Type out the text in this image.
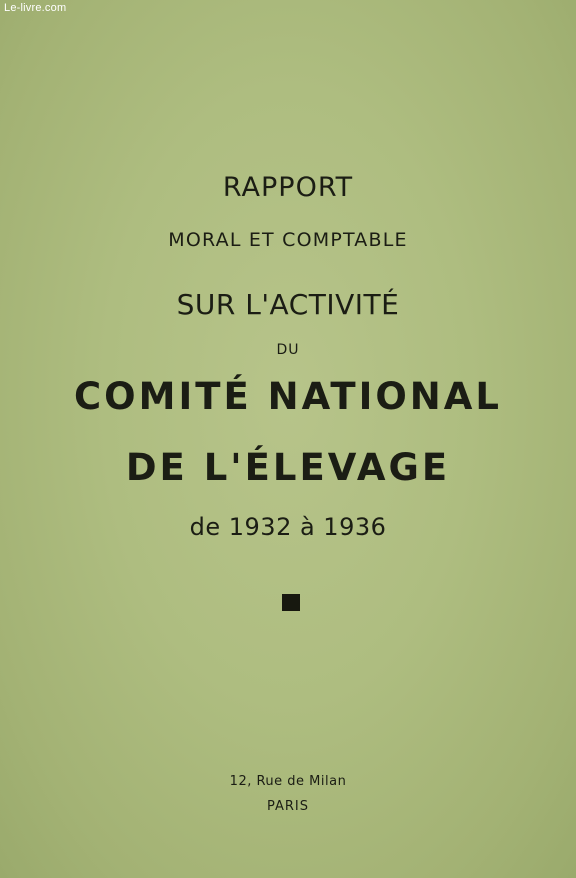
Le-livre.com
RAPPORT
MORAL ET COMPTABLE
SUR L'ACTIVITÉ
DU
COMITÉ NATIONAL
DE L'ÉLEVAGE
de 1932 à 1936
12, Rue de Milan
PARIS
